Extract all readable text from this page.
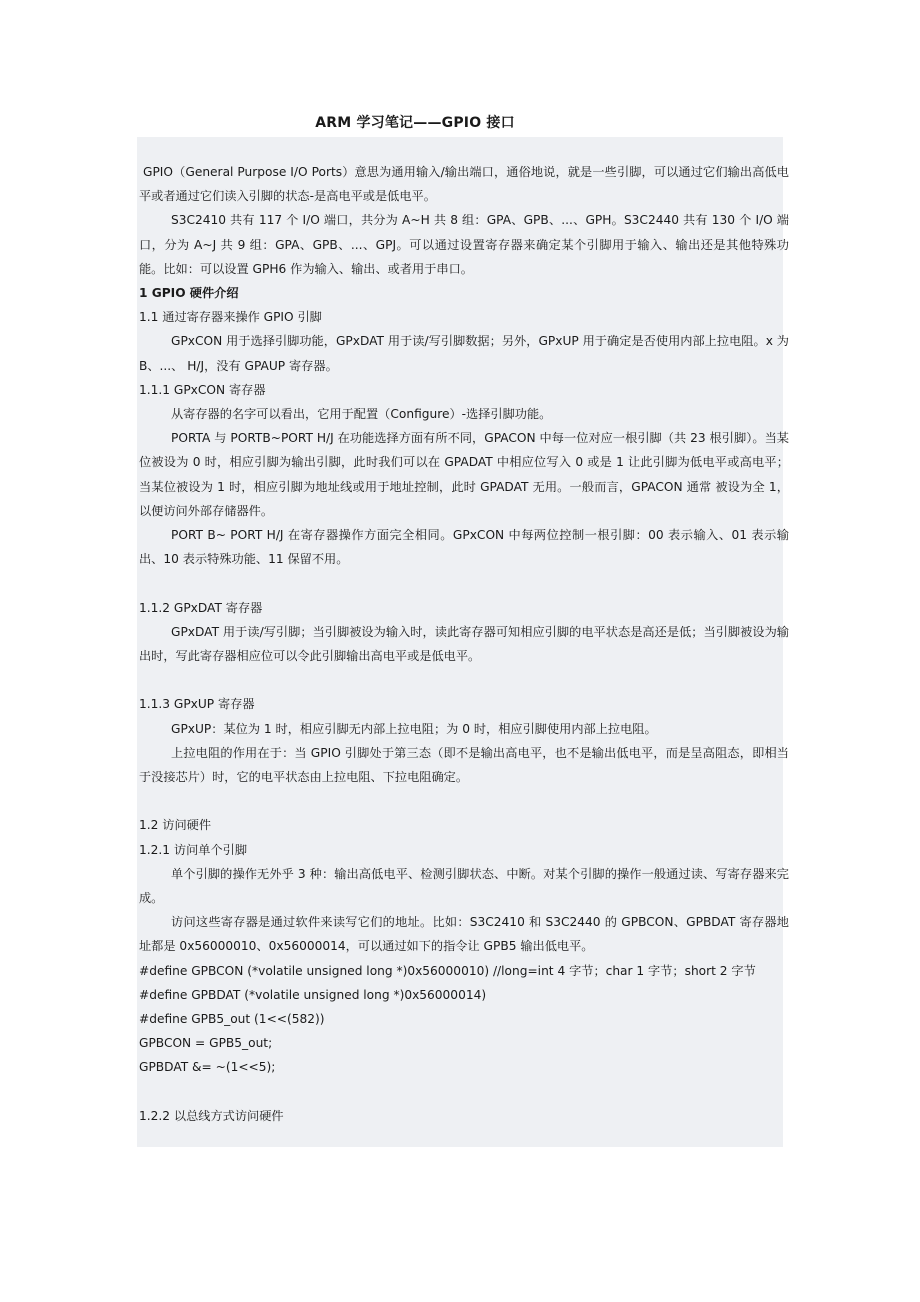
ARM 学习笔记——GPIO 接口

GPIO（General Purpose I/O Ports）意思为通用输入/输出端口，通俗地说，就是一些引脚，可以通过它们输出高低电平或者通过它们读入引脚的状态-是高电平或是低电平。

S3C2410 共有 117 个 I/O 端口，共分为 A~H 共 8 组：GPA、GPB、...、GPH。S3C2440 共有 130 个 I/O 端口，分为 A~J 共 9 组：GPA、GPB、...、GPJ。可以通过设置寄存器来确定某个引脚用于输入、输出还是其他特殊功能。比如：可以设置 GPH6 作为输入、输出、或者用于串口。

1 GPIO 硬件介绍

1.1 通过寄存器来操作 GPIO 引脚

GPxCON 用于选择引脚功能，GPxDAT 用于读/写引脚数据；另外，GPxUP 用于确定是否使用内部上拉电阻。x 为 B、...、 H/J，没有 GPAUP 寄存器。

1.1.1 GPxCON 寄存器

从寄存器的名字可以看出，它用于配置（Configure）-选择引脚功能。

PORTA 与 PORTB~PORT H/J 在功能选择方面有所不同，GPACON 中每一位对应一根引脚（共 23 根引脚）。当某位被设为 0 时，相应引脚为输出引脚，此时我们可以在 GPADAT 中相应位写入 0 或是 1 让此引脚为低电平或高电平；当某位被设为 1 时，相应引脚为地址线或用于地址控制，此时 GPADAT 无用。一般而言，GPACON 通常 被设为全 1，以便访问外部存储器件。

PORT B~ PORT H/J 在寄存器操作方面完全相同。GPxCON 中每两位控制一根引脚：00 表示输入、01 表示输出、10 表示特殊功能、11 保留不用。

1.1.2 GPxDAT 寄存器

GPxDAT 用于读/写引脚；当引脚被设为输入时，读此寄存器可知相应引脚的电平状态是高还是低；当引脚被设为输出时，写此寄存器相应位可以令此引脚输出高电平或是低电平。

1.1.3 GPxUP 寄存器

GPxUP：某位为 1 时，相应引脚无内部上拉电阻；为 0 时，相应引脚使用内部上拉电阻。

上拉电阻的作用在于：当 GPIO 引脚处于第三态（即不是输出高电平，也不是输出低电平，而是呈高阻态，即相当于没接芯片）时，它的电平状态由上拉电阻、下拉电阻确定。

1.2 访问硬件

1.2.1 访问单个引脚

单个引脚的操作无外乎 3 种：输出高低电平、检测引脚状态、中断。对某个引脚的操作一般通过读、写寄存器来完成。

访问这些寄存器是通过软件来读写它们的地址。比如：S3C2410 和 S3C2440 的 GPBCON、GPBDAT 寄存器地址都是 0x56000010、0x56000014，可以通过如下的指令让 GPB5 输出低电平。

#define GPBCON (*volatile unsigned long *)0x56000010) //long=int 4 字节；char 1 字节；short 2 字节

#define GPBDAT (*volatile unsigned long *)0x56000014)

#define GPB5_out (1<<(582))

GPBCON = GPB5_out;

GPBDAT &= ~(1<<5);

1.2.2 以总线方式访问硬件
